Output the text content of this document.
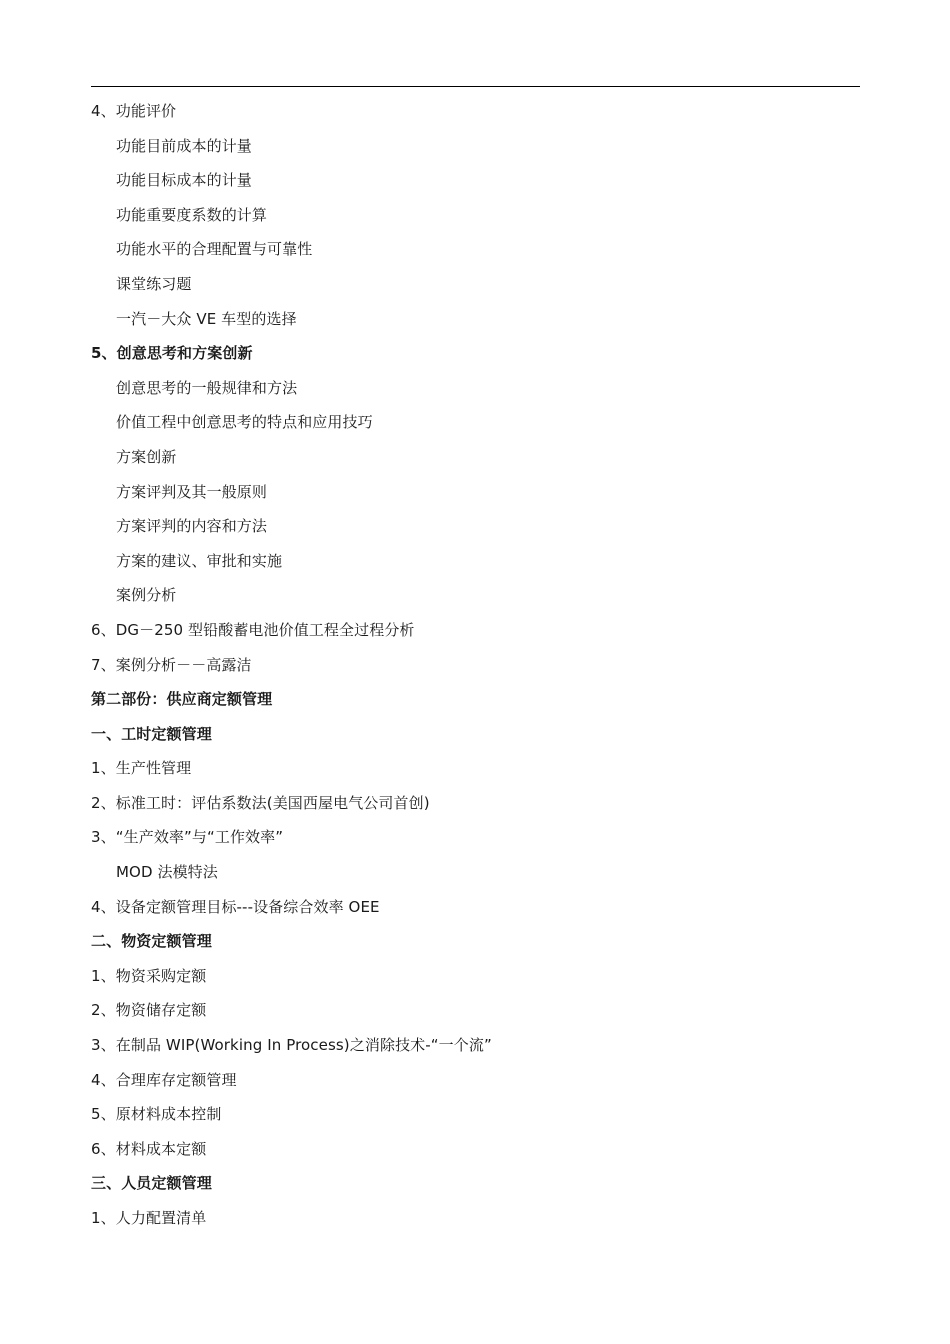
4、功能评价
功能目前成本的计量
功能目标成本的计量
功能重要度系数的计算
功能水平的合理配置与可靠性
课堂练习题
一汽－大众 VE 车型的选择
5、创意思考和方案创新
创意思考的一般规律和方法
价值工程中创意思考的特点和应用技巧
方案创新
方案评判及其一般原则
方案评判的内容和方法
方案的建议、审批和实施
案例分析
6、DG－250 型铅酸蓄电池价值工程全过程分析
7、案例分析－－高露洁
第二部份：供应商定额管理
一、工时定额管理
1、生产性管理
2、标准工时：评估系数法(美国西屋电气公司首创)
3、“生产效率”与“工作效率”
MOD 法模特法
4、设备定额管理目标---设备综合效率 OEE
二、物资定额管理
1、物资采购定额
2、物资储存定额
3、在制品 WIP(Working In Process)之消除技术-“一个流”
4、合理库存定额管理
5、原材料成本控制
6、材料成本定额
三、人员定额管理
1、人力配置清单
